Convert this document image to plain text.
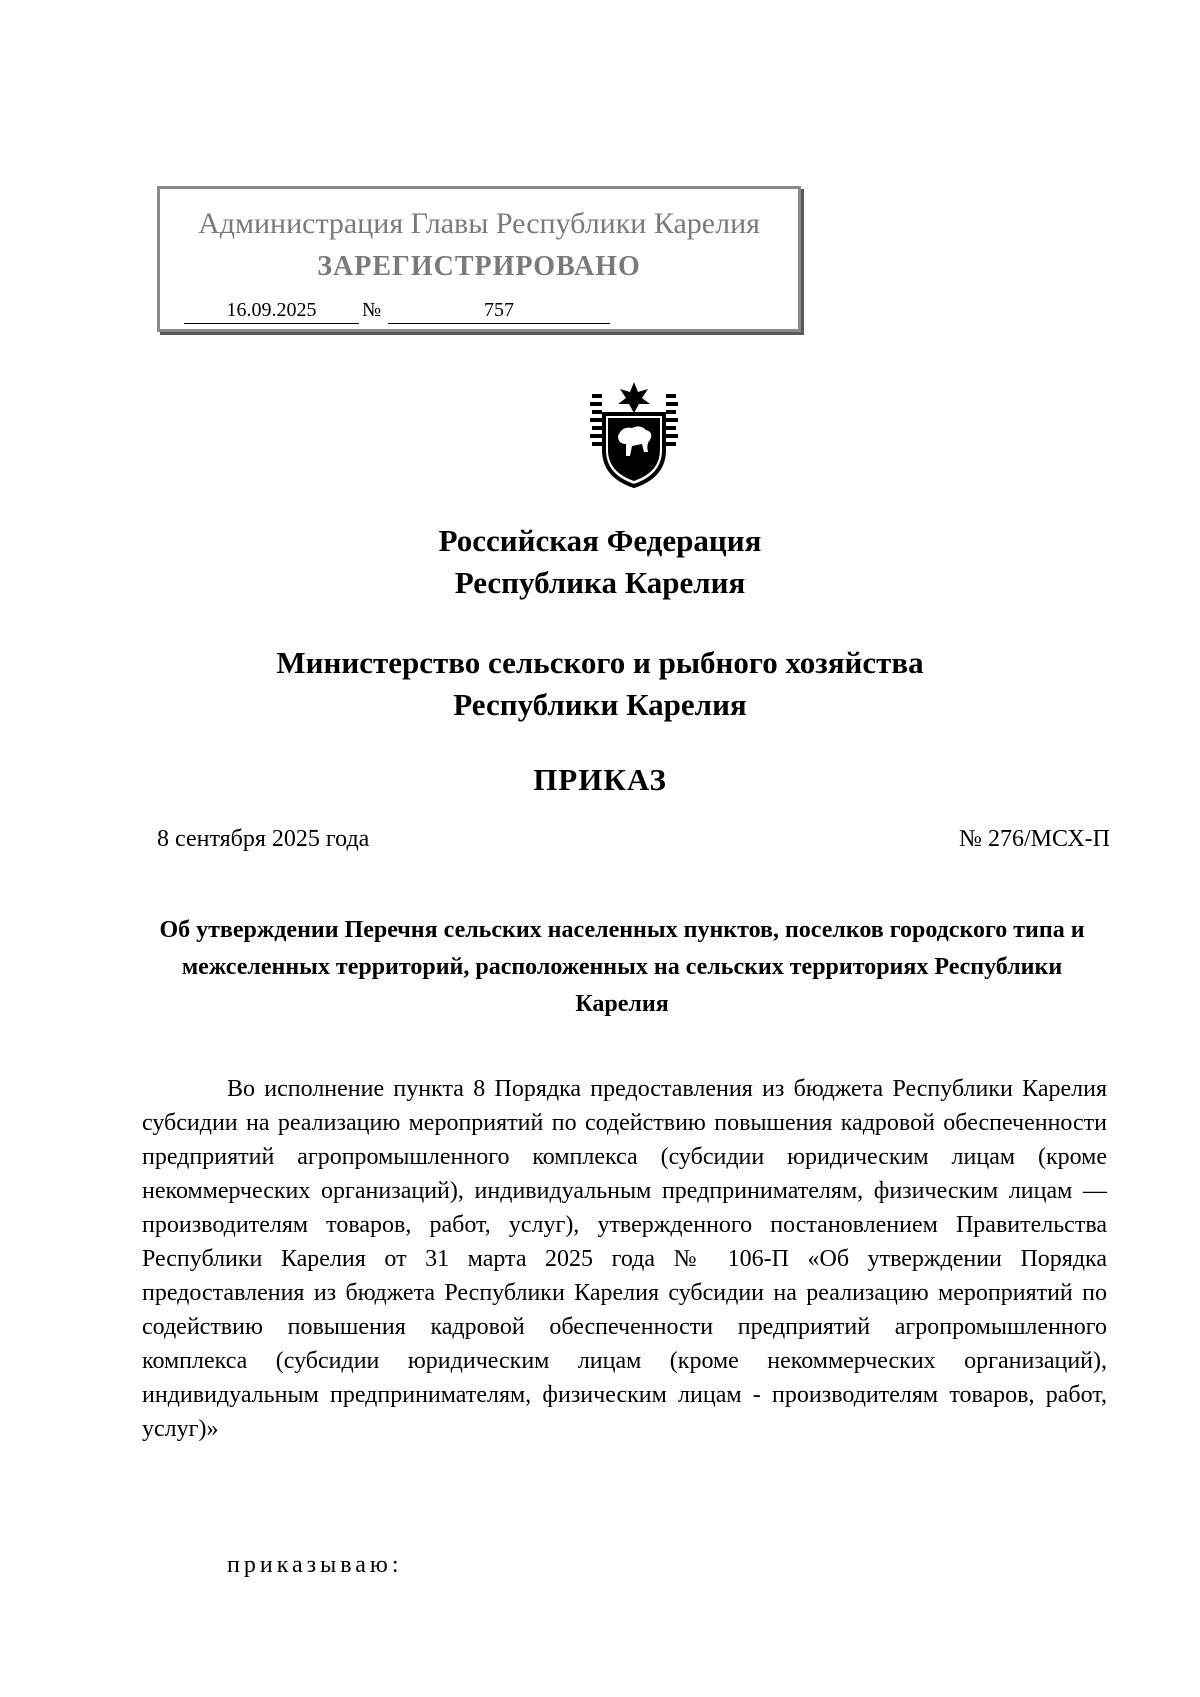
Администрация Главы Республики Карелия
ЗАРЕГИСТРИРОВАНО
16.09.2025	№	757
Российская Федерация
Республика Карелия
Министерство сельского и рыбного хозяйства
Республики Карелия
ПРИКАЗ
8 сентября 2025 года	№ 276/МСХ-П
Об утверждении Перечня сельских населенных пунктов, поселков городского типа и межселенных территорий, расположенных на сельских территориях Республики Карелия
Во исполнение пункта 8 Порядка предоставления из бюджета Республики Карелия субсидии на реализацию мероприятий по содействию повышения кадровой обеспеченности предприятий агропромышленного комплекса (субсидии юридическим лицам (кроме некоммерческих организаций), индивидуальным предпринимателям, физическим лицам — производителям товаров, работ, услуг), утвержденного постановлением Правительства Республики Карелия от 31 марта 2025 года № 106-П «Об утверждении Порядка предоставления из бюджета Республики Карелия субсидии на реализацию мероприятий по содействию повышения кадровой обеспеченности предприятий агропромышленного комплекса (субсидии юридическим лицам (кроме некоммерческих организаций), индивидуальным предпринимателям, физическим лицам - производителям товаров, работ, услуг)»
приказываю:
